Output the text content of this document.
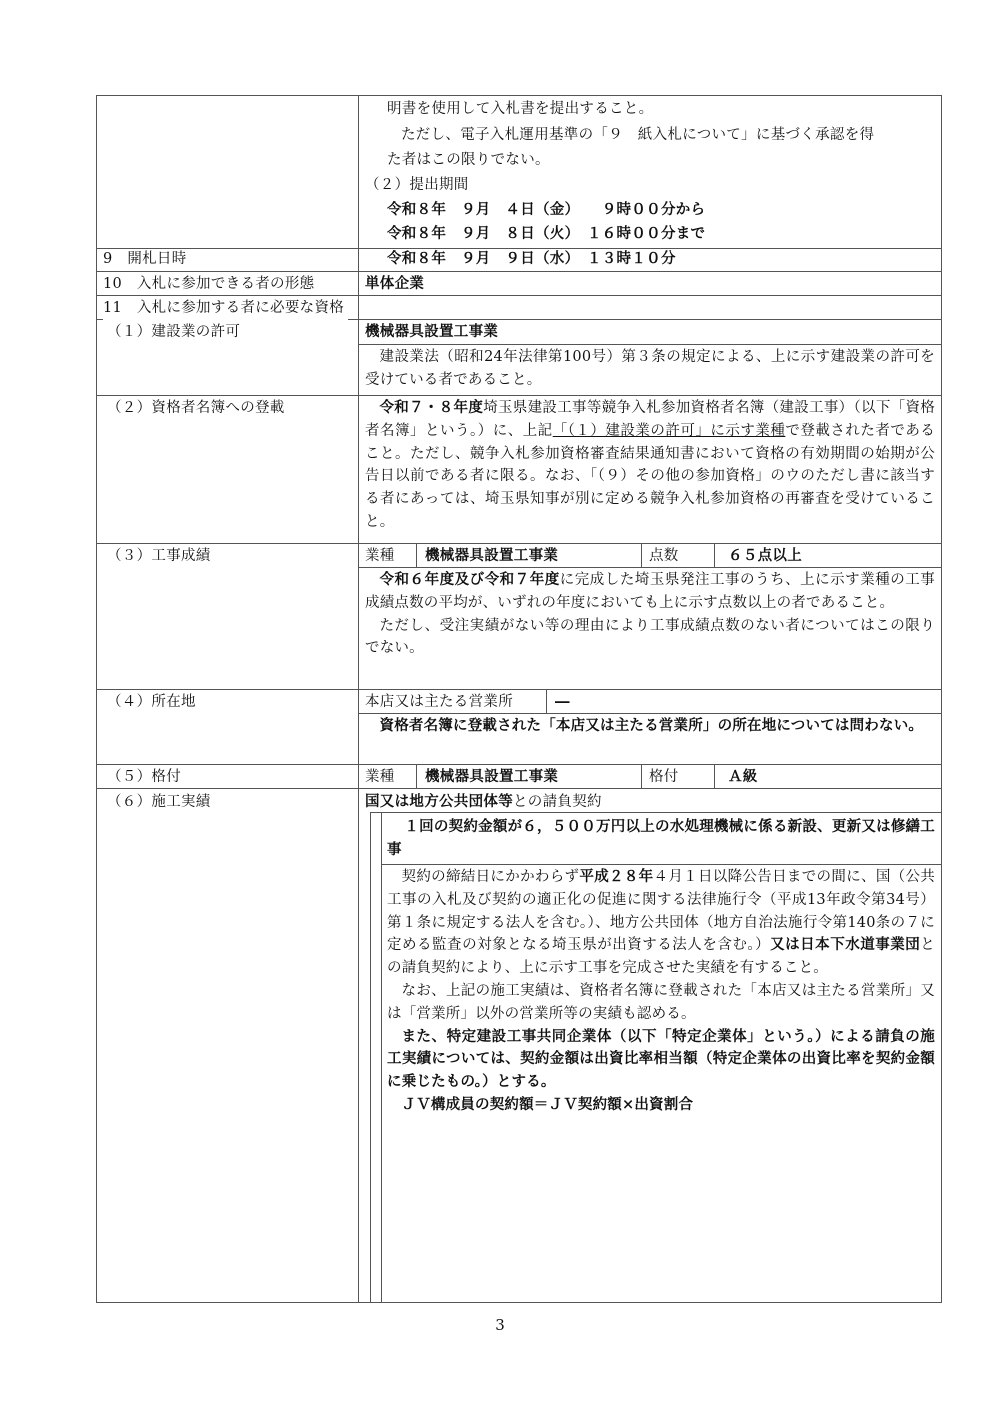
明書を使用して入札書を提出すること。
ただし、電子入札運用基準の「９　紙入札について」に基づく承認を得
た者はこの限りでない。
（２）提出期間
令和８年　９月　４日（金）　　９時００分から
令和８年　９月　８日（火）　１６時００分まで
9　開札日時	令和８年　９月　９日（水）　１３時１０分
10　入札に参加できる者の形態	単体企業
11　入札に参加する者に必要な資格
（１）建設業の許可	機械器具設置工事業

建設業法（昭和24年法律第100号）第３条の規定による、上に示す建設業の許可を受けている者であること。

（２）資格者名簿への登載	令和７・８年度埼玉県建設工事等競争入札参加資格者名簿（建設工事）（以下「資格者名簿」という。）に、上記「（１）建設業の許可」に示す業種で登載された者であること。ただし、競争入札参加資格審査結果通知書において資格の有効期間の始期が公告日以前である者に限る。なお、「（９）その他の参加資格」のウのただし書に該当する者にあっては、埼玉県知事が別に定める競争入札参加資格の再審査を受けていること。

（３）工事成績	業種 機械器具設置工事業	点数	６５点以上

令和６年度及び令和７年度に完成した埼玉県発注工事のうち、上に示す業種の工事成績点数の平均が、いずれの年度においても上に示す点数以上の者であること。

ただし、受注実績がない等の理由により工事成績点数のない者についてはこの限りでない。

（４）所在地	本店又は主たる営業所	―

資格者名簿に登載された「本店又は主たる営業所」の所在地については問わない。

（５）格付	業種 機械器具設置工事業	格付	Ａ級
（６）施工実績	国又は地方公共団体等との請負契約

１回の契約金額が６，５００万円以上の水処理機械に係る新設、更新又は修繕工事

契約の締結日にかかわらず平成２８年４月１日以降公告日までの間に、国（公共工事の入札及び契約の適正化の促進に関する法律施行令（平成13年政令第34号）第１条に規定する法人を含む。）、地方公共団体（地方自治法施行令第140条の７に定める監査の対象となる埼玉県が出資する法人を含む。）又は日本下水道事業団との請負契約により、上に示す工事を完成させた実績を有すること。

なお、上記の施工実績は、資格者名簿に登載された「本店又は主たる営業所」又は「営業所」以外の営業所等の実績も認める。

また、特定建設工事共同企業体（以下「特定企業体」という。）による請負の施工実績については、契約金額は出資比率相当額（特定企業体の出資比率を契約金額に乗じたもの。）とする。

ＪＶ構成員の契約額＝ＪＶ契約額×出資割合

3
